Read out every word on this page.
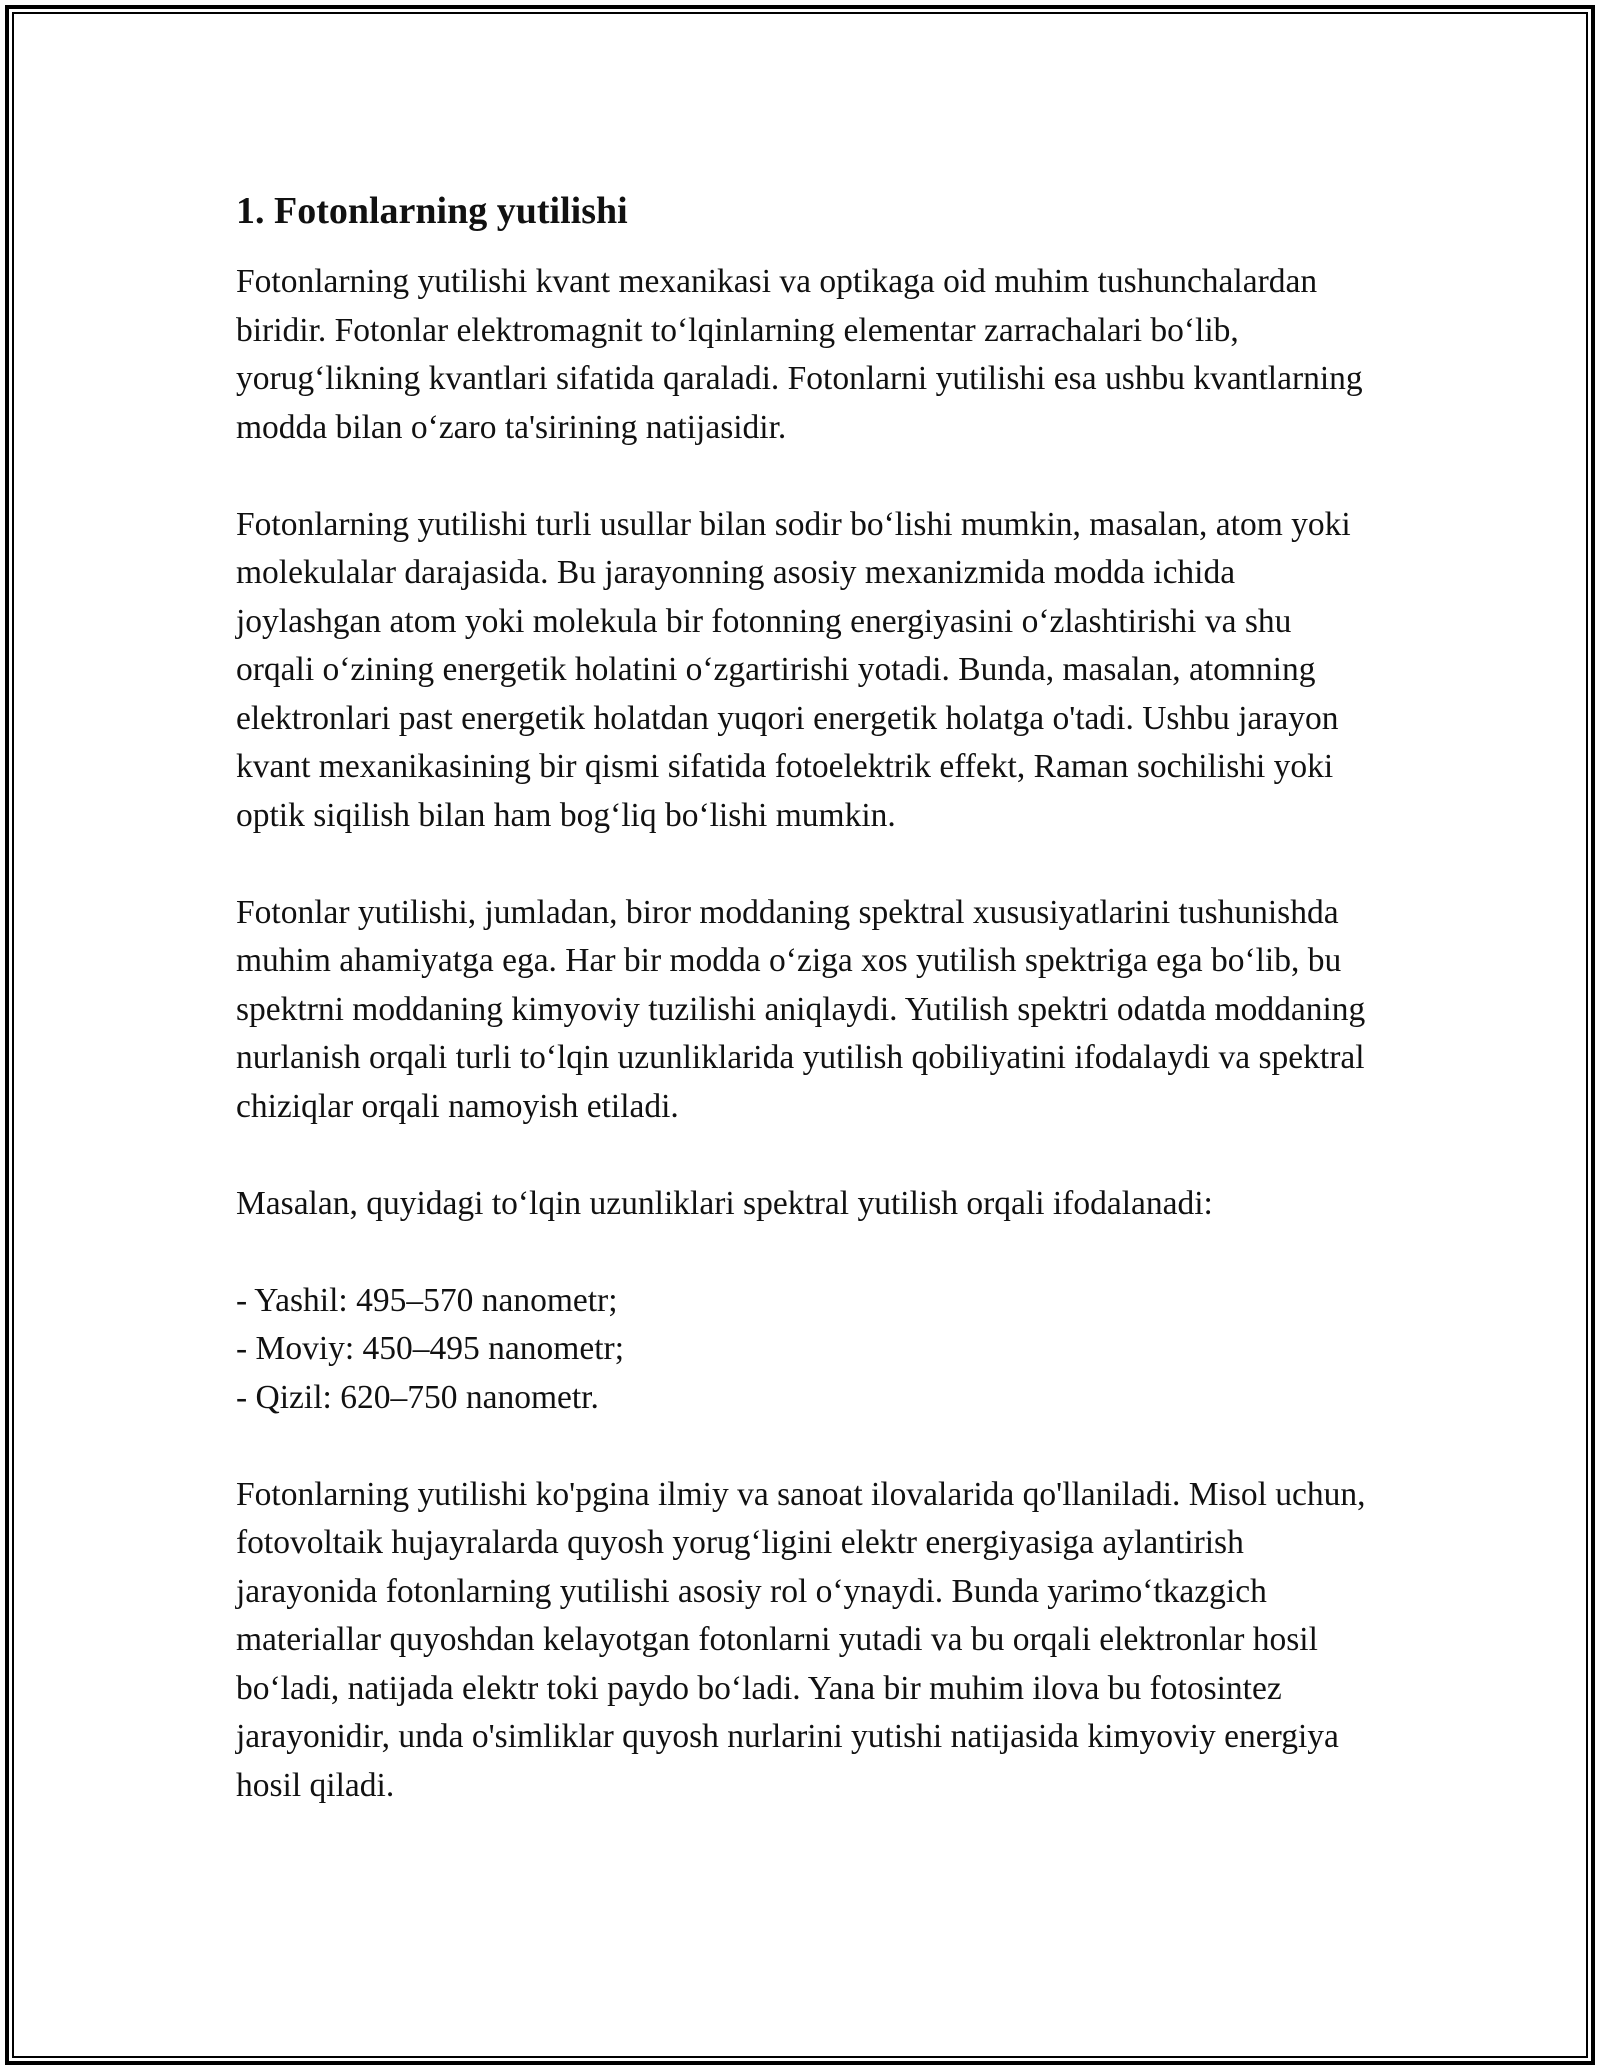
1. Fotonlarning yutilishi

Fotonlarning yutilishi kvant mexanikasi va optikaga oid muhim tushunchalardan biridir. Fotonlar elektromagnit to‘lqinlarning elementar zarrachalari bo‘lib, yorug‘likning kvantlari sifatida qaraladi. Fotonlarni yutilishi esa ushbu kvantlarning modda bilan o‘zaro ta'sirining natijasidir.

Fotonlarning yutilishi turli usullar bilan sodir bo‘lishi mumkin, masalan, atom yoki molekulalar darajasida. Bu jarayonning asosiy mexanizmida modda ichida joylashgan atom yoki molekula bir fotonning energiyasini o‘zlashtirishi va shu orqali o‘zining energetik holatini o‘zgartirishi yotadi. Bunda, masalan, atomning elektronlari past energetik holatdan yuqori energetik holatga o'tadi. Ushbu jarayon kvant mexanikasining bir qismi sifatida fotoelektrik effekt, Raman sochilishi yoki optik siqilish bilan ham bog‘liq bo‘lishi mumkin.

Fotonlar yutilishi, jumladan, biror moddaning spektral xususiyatlarini tushunishda muhim ahamiyatga ega. Har bir modda o‘ziga xos yutilish spektriga ega bo‘lib, bu spektrni moddaning kimyoviy tuzilishi aniqlaydi. Yutilish spektri odatda moddaning nurlanish orqali turli to‘lqin uzunliklarida yutilish qobiliyatini ifodalaydi va spektral chiziqlar orqali namoyish etiladi.

Masalan, quyidagi to‘lqin uzunliklari spektral yutilish orqali ifodalanadi:

- Yashil: 495–570 nanometr;
- Moviy: 450–495 nanometr;
- Qizil: 620–750 nanometr.

Fotonlarning yutilishi ko'pgina ilmiy va sanoat ilovalarida qo'llaniladi. Misol uchun, fotovoltaik hujayralarda quyosh yorug‘ligini elektr energiyasiga aylantirish jarayonida fotonlarning yutilishi asosiy rol o‘ynaydi. Bunda yarimo‘tkazgich materiallar quyoshdan kelayotgan fotonlarni yutadi va bu orqali elektronlar hosil bo‘ladi, natijada elektr toki paydo bo‘ladi. Yana bir muhim ilova bu fotosintez jarayonidir, unda o'simliklar quyosh nurlarini yutishi natijasida kimyoviy energiya hosil qiladi.
